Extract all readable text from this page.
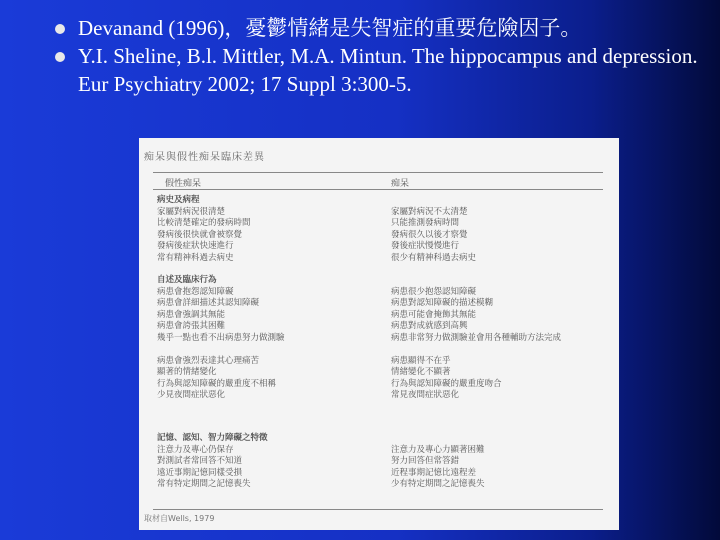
Devanand (1996)，憂鬱情緒是失智症的重要危險因子。
Y.I. Sheline, B.l. Mittler, M.A. Mintun. The hippocampus and depression. Eur Psychiatry 2002; 17 Suppl 3:300-5.
痴呆與假性痴呆臨床差異
假性痴呆	痴呆
病史及病程
家屬對病況很清楚	家屬對病況不太清楚
比較清楚確定的發病時間	只能推測發病時間
發病後很快就會被察覺	發病很久以後才察覺
發病後症狀快速進行	發後症狀慢慢進行
常有精神科過去病史	很少有精神科過去病史
自述及臨床行為
病患會抱怨認知障礙	病患很少抱怨認知障礙
病患會詳細描述其認知障礙	病患對認知障礙的描述模糊
病患會強調其無能	病患可能會掩飾其無能
病患會誇張其困難	病患對成就感到高興
幾乎一點也看不出病患努力做測驗	病患非常努力做測驗並會用各種輔助方法完成
病患會強烈表達其心理痛苦	病患顯得不在乎
顯著的情緒變化	情緒變化不顯著
行為與認知障礙的嚴重度不相稱	行為與認知障礙的嚴重度吻合
少見夜間症狀惡化	常見夜間症狀惡化
記憶、認知、智力障礙之特徵
注意力及專心仍保存	注意力及專心力顯著困難
對測試者常回答不知道	努力回答但常答錯
遠近事期記憶同樣受損	近程事期記憶比遠程差
常有特定期間之記憶喪失	少有特定期間之記憶喪失
取材自Wells, 1979
